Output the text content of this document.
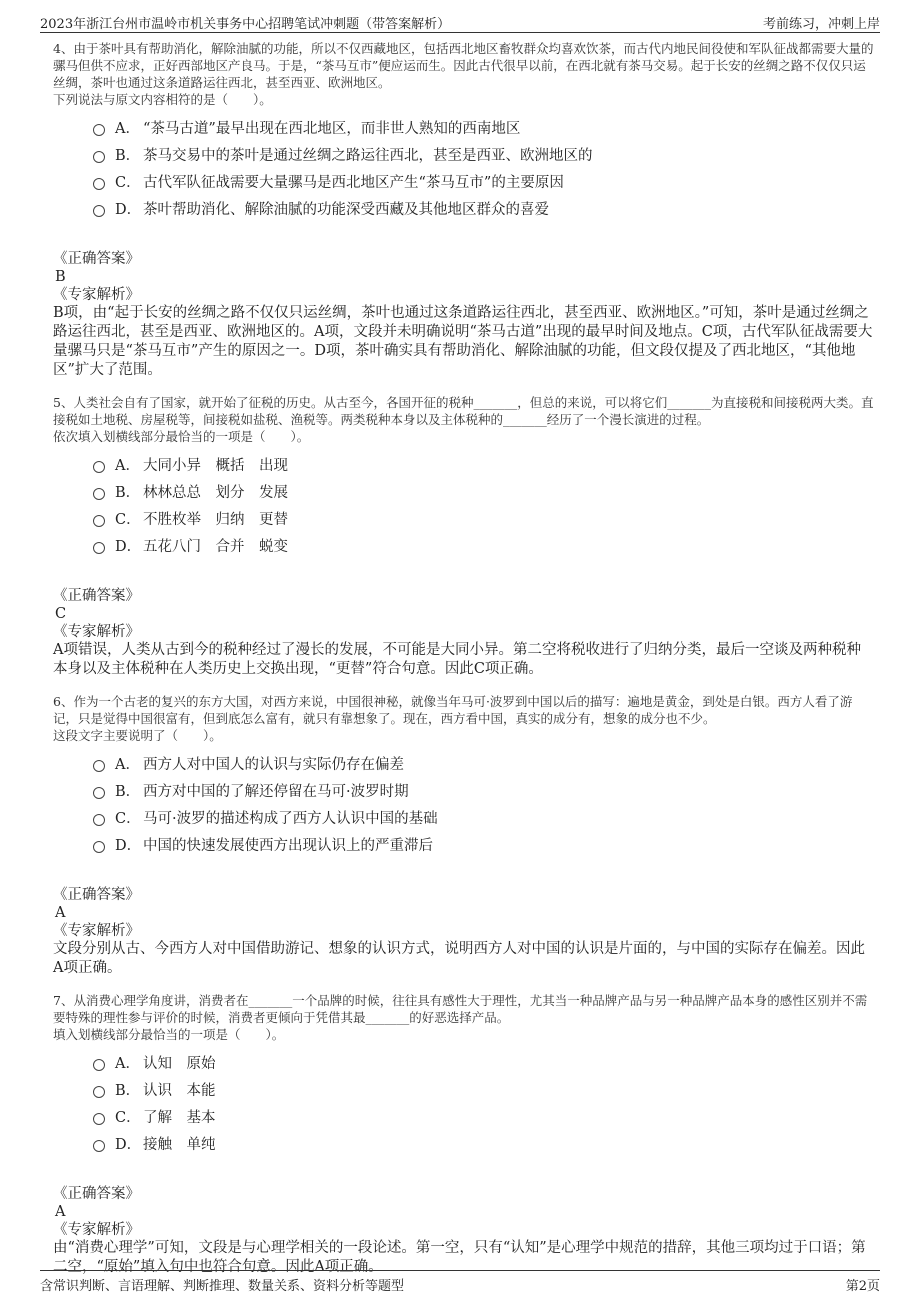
2023年浙江台州市温岭市机关事务中心招聘笔试冲刺题（带答案解析）	考前练习，冲刺上岸

4、由于茶叶具有帮助消化，解除油腻的功能，所以不仅西藏地区，包括西北地区畜牧群众均喜欢饮茶，而古代内地民间役使和军队征战都需要大量的骡马但供不应求，正好西部地区产良马。于是，“茶马互市”便应运而生。因此古代很早以前，在西北就有茶马交易。起于长安的丝绸之路不仅仅只运丝绸，茶叶也通过这条道路运往西北，甚至西亚、欧洲地区。

下列说法与原文内容相符的是（　　）。

A． “茶马古道”最早出现在西北地区，而非世人熟知的西南地区
B． 茶马交易中的茶叶是通过丝绸之路运往西北，甚至是西亚、欧洲地区的
C． 古代军队征战需要大量骡马是西北地区产生“茶马互市”的主要原因
D． 茶叶帮助消化、解除油腻的功能深受西藏及其他地区群众的喜爱
《正确答案》
B
《专家解析》

B项，由“起于长安的丝绸之路不仅仅只运丝绸，茶叶也通过这条道路运往西北，甚至西亚、欧洲地区。”可知，茶叶是通过丝绸之路运往西北，甚至是西亚、欧洲地区的。A项，文段并未明确说明“茶马古道”出现的最早时间及地点。C项，古代军队征战需要大量骡马只是“茶马互市”产生的原因之一。D项，茶叶确实具有帮助消化、解除油腻的功能，但文段仅提及了西北地区，“其他地区”扩大了范围。

5、人类社会自有了国家，就开始了征税的历史。从古至今，各国开征的税种_______，但总的来说，可以将它们_______为直接税和间接税两大类。直接税如土地税、房屋税等，间接税如盐税、渔税等。两类税种本身以及主体税种的_______经历了一个漫长演进的过程。

依次填入划横线部分最恰当的一项是（　　）。

A． 大同小异　概括　出现
B． 林林总总　划分　发展
C． 不胜枚举　归纳　更替
D． 五花八门　合并　蜕变
《正确答案》
C
《专家解析》

A项错误，人类从古到今的税种经过了漫长的发展，不可能是大同小异。第二空将税收进行了归纳分类，最后一空谈及两种税种本身以及主体税种在人类历史上交换出现，“更替”符合句意。因此C项正确。

6、作为一个古老的复兴的东方大国，对西方来说，中国很神秘，就像当年马可·波罗到中国以后的描写：遍地是黄金，到处是白银。西方人看了游记，只是觉得中国很富有，但到底怎么富有，就只有靠想象了。现在，西方看中国，真实的成分有，想象的成分也不少。

这段文字主要说明了（　　）。

A． 西方人对中国人的认识与实际仍存在偏差
B． 西方对中国的了解还停留在马可·波罗时期
C． 马可·波罗的描述构成了西方人认识中国的基础
D． 中国的快速发展使西方出现认识上的严重滞后
《正确答案》
A
《专家解析》

文段分别从古、今西方人对中国借助游记、想象的认识方式，说明西方人对中国的认识是片面的，与中国的实际存在偏差。因此A项正确。

7、从消费心理学角度讲，消费者在_______一个品牌的时候，往往具有感性大于理性，尤其当一种品牌产品与另一种品牌产品本身的感性区别并不需要特殊的理性参与评价的时候，消费者更倾向于凭借其最_______的好恶选择产品。

填入划横线部分最恰当的一项是（　　）。

A． 认知　原始
B． 认识　本能
C． 了解　基本
D． 接触　单纯
《正确答案》
A
《专家解析》

由“消费心理学”可知，文段是与心理学相关的一段论述。第一空，只有“认知”是心理学中规范的措辞，其他三项均过于口语；第二空，“原始”填入句中也符合句意。因此A项正确。

含常识判断、言语理解、判断推理、数量关系、资料分析等题型	第2页
